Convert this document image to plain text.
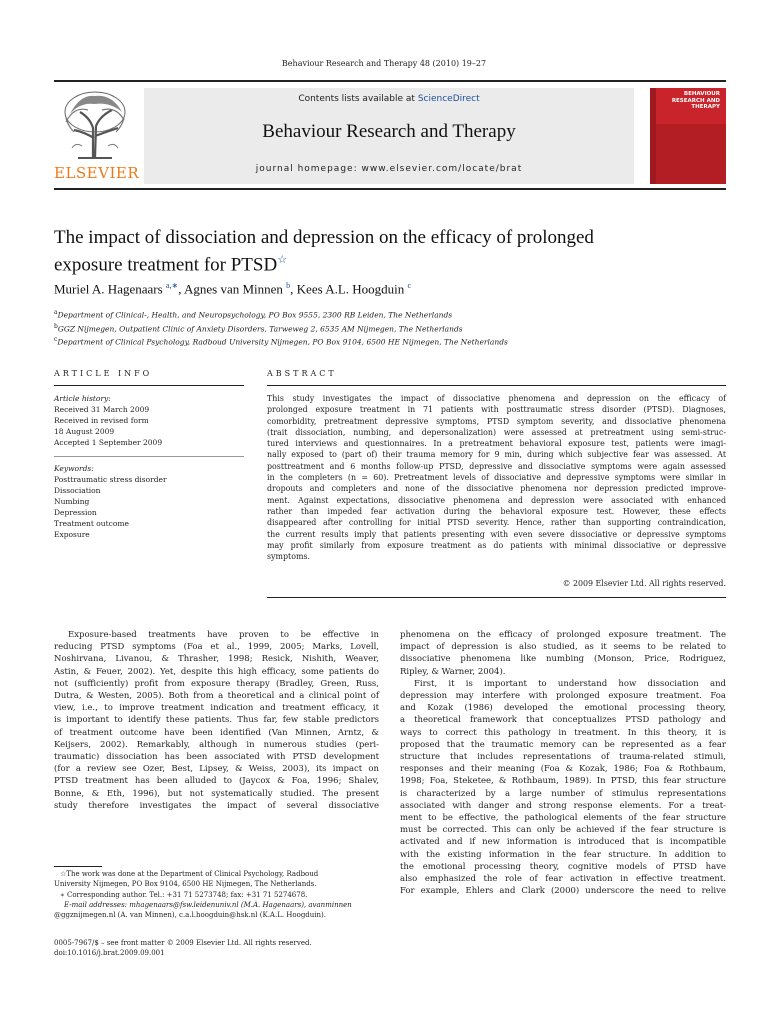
Behaviour Research and Therapy 48 (2010) 19–27
ELSEVIER
Contents lists available at ScienceDirect
Behaviour Research and Therapy
journal homepage: www.elsevier.com/locate/brat
BEHAVIOUR
RESEARCH AND
THERAPY
The impact of dissociation and depression on the efficacy of prolonged
exposure treatment for PTSD☆
Muriel A. Hagenaars $^{a,∗}$, Agnes van Minnen $^b$, Kees A.L. Hoogduin $^c$
$^a$Department of Clinical-, Health, and Neuropsychology, PO Box 9555, 2300 RB Leiden, The Netherlands
$^b$GGZ Nijmegen, Outpatient Clinic of Anxiety Disorders, Tarweweg 2, 6535 AM Nijmegen, The Netherlands
$^c$Department of Clinical Psychology, Radboud University Nijmegen, PO Box 9104, 6500 HE Nijmegen, The Netherlands
ARTICLE INFO	ABSTRACT
Article history:
Received 31 March 2009
Received in revised form
18 August 2009
Accepted 1 September 2009
Keywords:
Posttraumatic stress disorder
Dissociation
Numbing
Depression
Treatment outcome
Exposure
This study investigates the impact of dissociative phenomena and depression on the efficacy of
prolonged exposure treatment in 71 patients with posttraumatic stress disorder (PTSD). Diagnoses,
comorbidity, pretreatment depressive symptoms, PTSD symptom severity, and dissociative phenomena
(trait dissociation, numbing, and depersonalization) were assessed at pretreatment using semi-struc-
tured interviews and questionnaires. In a pretreatment behavioral exposure test, patients were imagi-
nally exposed to (part of) their trauma memory for 9 min, during which subjective fear was assessed. At
posttreatment and 6 months follow-up PTSD, depressive and dissociative symptoms were again assessed
in the completers (n = 60). Pretreatment levels of dissociative and depressive symptoms were similar in
dropouts and completers and none of the dissociative phenomena nor depression predicted improve-
ment. Against expectations, dissociative phenomena and depression were associated with enhanced
rather than impeded fear activation during the behavioral exposure test. However, these effects
disappeared after controlling for initial PTSD severity. Hence, rather than supporting contraindication,
the current results imply that patients presenting with even severe dissociative or depressive symptoms
may profit similarly from exposure treatment as do patients with minimal dissociative or depressive
symptoms.
© 2009 Elsevier Ltd. All rights reserved.
Exposure-based treatments have proven to be effective in
reducing PTSD symptoms (Foa et al., 1999, 2005; Marks, Lovell,
Noshirvana, Livanou, & Thrasher, 1998; Resick, Nishith, Weaver,
Astin, & Feuer, 2002). Yet, despite this high efficacy, some patients do
not (sufficiently) profit from exposure therapy (Bradley, Green, Russ,
Dutra, & Westen, 2005). Both from a theoretical and a clinical point of
view, i.e., to improve treatment indication and treatment efficacy, it
is important to identify these patients. Thus far, few stable predictors
of treatment outcome have been identified (Van Minnen, Arntz, &
Keijsers, 2002). Remarkably, although in numerous studies (peri-
traumatic) dissociation has been associated with PTSD development
(for a review see Ozer, Best, Lipsey, & Weiss, 2003), its impact on
PTSD treatment has been alluded to (Jaycox & Foa, 1996; Shalev,
Bonne, & Eth, 1996), but not systematically studied. The present
study therefore investigates the impact of several dissociative
phenomena on the efficacy of prolonged exposure treatment. The
impact of depression is also studied, as it seems to be related to
dissociative phenomena like numbing (Monson, Price, Rodriguez,
Ripley, & Warner, 2004).
First, it is important to understand how dissociation and
depression may interfere with prolonged exposure treatment. Foa
and Kozak (1986) developed the emotional processing theory,
a theoretical framework that conceptualizes PTSD pathology and
ways to correct this pathology in treatment. In this theory, it is
proposed that the traumatic memory can be represented as a fear
structure that includes representations of trauma-related stimuli,
responses and their meaning (Foa & Kozak, 1986; Foa & Rothbaum,
1998; Foa, Steketee, & Rothbaum, 1989). In PTSD, this fear structure
is characterized by a large number of stimulus representations
associated with danger and strong response elements. For a treat-
ment to be effective, the pathological elements of the fear structure
must be corrected. This can only be achieved if the fear structure is
activated and if new information is introduced that is incompatible
with the existing information in the fear structure. In addition to
the emotional processing theory, cognitive models of PTSD have
also emphasized the role of fear activation in effective treatment.
For example, Ehlers and Clark (2000) underscore the need to relive
☆The work was done at the Department of Clinical Psychology, Radboud
University Nijmegen, PO Box 9104, 6500 HE Nijmegen, The Netherlands.
∗ Corresponding author. Tel.: +31 71 5273748; fax: +31 71 5274678.
E-mail addresses: mhagenaars@fsw.leidenuniv.nl (M.A. Hagenaars), avanminnen
@ggznijmegen.nl (A. van Minnen), c.a.l.hoogduin@hsk.nl (K.A.L. Hoogduin).
0005-7967/$ – see front matter © 2009 Elsevier Ltd. All rights reserved.
doi:10.1016/j.brat.2009.09.001
